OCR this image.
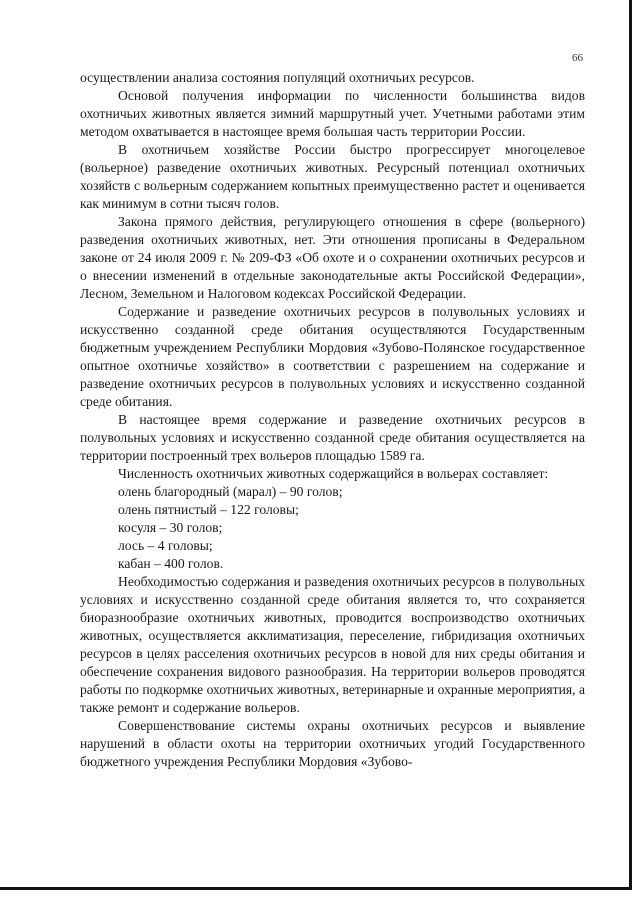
66

осуществлении анализа состояния популяций охотничьих ресурсов.

Основой получения информации по численности большинства видов охотничьих животных является зимний маршрутный учет. Учетными работами этим методом охватывается в настоящее время большая часть территории России.

В охотничьем хозяйстве России быстро прогрессирует многоцелевое (вольерное) разведение охотничьих животных. Ресурсный потенциал охотничьих хозяйств с вольерным содержанием копытных преимущественно растет и оценивается как минимум в сотни тысяч голов.

Закона прямого действия, регулирующего отношения в сфере (вольерного) разведения охотничьих животных, нет. Эти отношения прописаны в Федеральном законе от 24 июля 2009 г. № 209-ФЗ «Об охоте и о сохранении охотничьих ресурсов и о внесении изменений в отдельные законодательные акты Российской Федерации», Лесном, Земельном и Налоговом кодексах Российской Федерации.

Содержание и разведение охотничьих ресурсов в полувольных условиях и искусственно созданной среде обитания осуществляются Государственным бюджетным учреждением Республики Мордовия «Зубово-Полянское государственное опытное охотничье хозяйство» в соответствии с разрешением на содержание и разведение охотничьих ресурсов в полувольных условиях и искусственно созданной среде обитания.

В настоящее время содержание и разведение охотничьих ресурсов в полувольных условиях и искусственно созданной среде обитания осуществляется на территории построенный трех вольеров площадью 1589 га.

Численность охотничьих животных содержащийся в вольерах составляет:

олень благородный (марал) – 90 голов;

олень пятнистый – 122 головы;

косуля – 30 голов;

лось – 4 головы;

кабан – 400 голов.

Необходимостью содержания и разведения охотничьих ресурсов в полувольных условиях и искусственно созданной среде обитания является то, что сохраняется биоразнообразие охотничьих животных, проводится воспроизводство охотничьих животных, осуществляется акклиматизация, переселение, гибридизация охотничьих ресурсов в целях расселения охотничьих ресурсов в новой для них среды обитания и обеспечение сохранения видового разнообразия. На территории вольеров проводятся работы по подкормке охотничьих животных, ветеринарные и охранные мероприятия, а также ремонт и содержание вольеров.

Совершенствование системы охраны охотничьих ресурсов и выявление нарушений в области охоты на территории охотничьих угодий Государственного бюджетного учреждения Республики Мордовия «Зубово-
